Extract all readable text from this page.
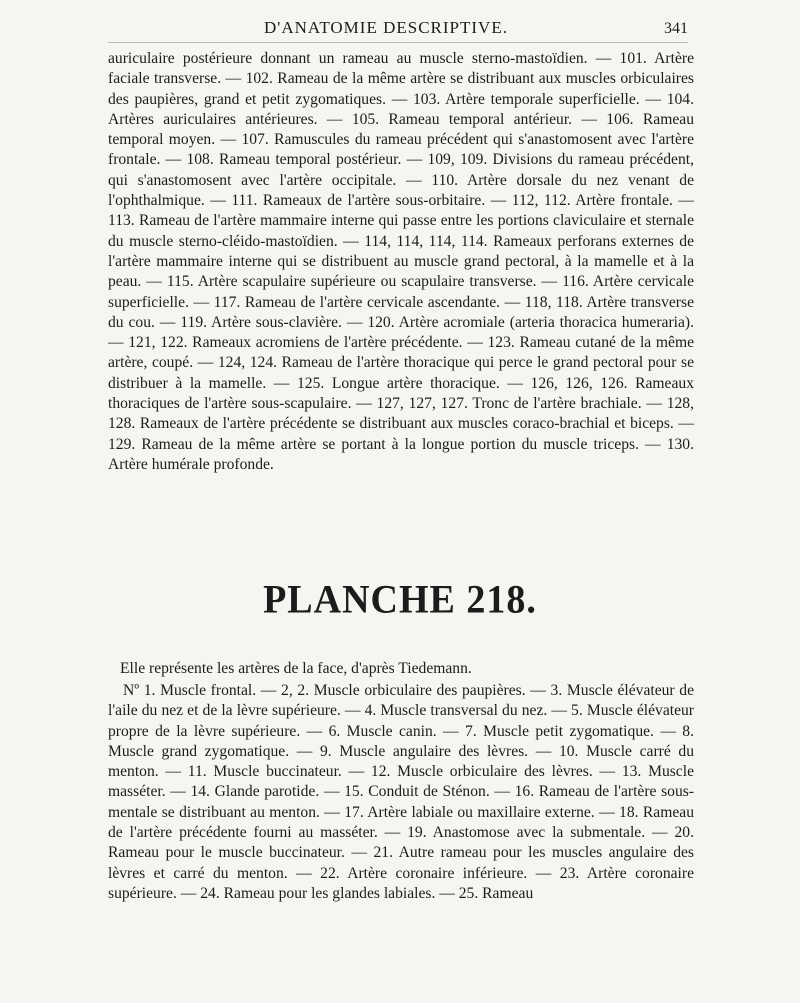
D'ANATOMIE DESCRIPTIVE.	341

auriculaire postérieure donnant un rameau au muscle sterno-mastoïdien. — 101. Artère faciale transverse. — 102. Rameau de la même artère se distribuant aux muscles orbiculaires des paupières, grand et petit zygomatiques. — 103. Artère temporale superficielle. — 104. Artères auriculaires antérieures. — 105. Rameau temporal antérieur. — 106. Rameau temporal moyen. — 107. Ramuscules du rameau précédent qui s'anastomosent avec l'artère frontale. — 108. Rameau temporal postérieur. — 109, 109. Divisions du rameau précédent, qui s'anastomosent avec l'artère occipitale. — 110. Artère dorsale du nez venant de l'ophthalmique. — 111. Rameaux de l'artère sous-orbitaire. — 112, 112. Artère frontale. — 113. Rameau de l'artère mammaire interne qui passe entre les portions claviculaire et sternale du muscle sterno-cléido-mastoïdien. — 114, 114, 114, 114. Rameaux perforans externes de l'artère mammaire interne qui se distribuent au muscle grand pectoral, à la mamelle et à la peau. — 115. Artère scapulaire supérieure ou scapulaire transverse. — 116. Artère cervicale superficielle. — 117. Rameau de l'artère cervicale ascendante. — 118, 118. Artère transverse du cou. — 119. Artère sous-clavière. — 120. Artère acromiale (arteria thoracica humeraria). — 121, 122. Rameaux acromiens de l'artère précédente. — 123. Rameau cutané de la même artère, coupé. — 124, 124. Rameau de l'artère thoracique qui perce le grand pectoral pour se distribuer à la mamelle. — 125. Longue artère thoracique. — 126, 126, 126. Rameaux thoraciques de l'artère sous-scapulaire. — 127, 127, 127. Tronc de l'artère brachiale. — 128, 128. Rameaux de l'artère précédente se distribuant aux muscles coraco-brachial et biceps. — 129. Rameau de la même artère se portant à la longue portion du muscle triceps. — 130. Artère humérale profonde.

PLANCHE 218.
Elle représente les artères de la face, d'après Tiedemann.

Nº 1. Muscle frontal. — 2, 2. Muscle orbiculaire des paupières. — 3. Muscle élévateur de l'aile du nez et de la lèvre supérieure. — 4. Muscle transversal du nez. — 5. Muscle élévateur propre de la lèvre supérieure. — 6. Muscle canin. — 7. Muscle petit zygomatique. — 8. Muscle grand zygomatique. — 9. Muscle angulaire des lèvres. — 10. Muscle carré du menton. — 11. Muscle buccinateur. — 12. Muscle orbiculaire des lèvres. — 13. Muscle masséter. — 14. Glande parotide. — 15. Conduit de Sténon. — 16. Rameau de l'artère sous-mentale se distribuant au menton. — 17. Artère labiale ou maxillaire externe. — 18. Rameau de l'artère précédente fourni au masséter. — 19. Anastomose avec la submentale. — 20. Rameau pour le muscle buccinateur. — 21. Autre rameau pour les muscles angulaire des lèvres et carré du menton. — 22. Artère coronaire inférieure. — 23. Artère coronaire supérieure. — 24. Rameau pour les glandes labiales. — 25. Rameau
